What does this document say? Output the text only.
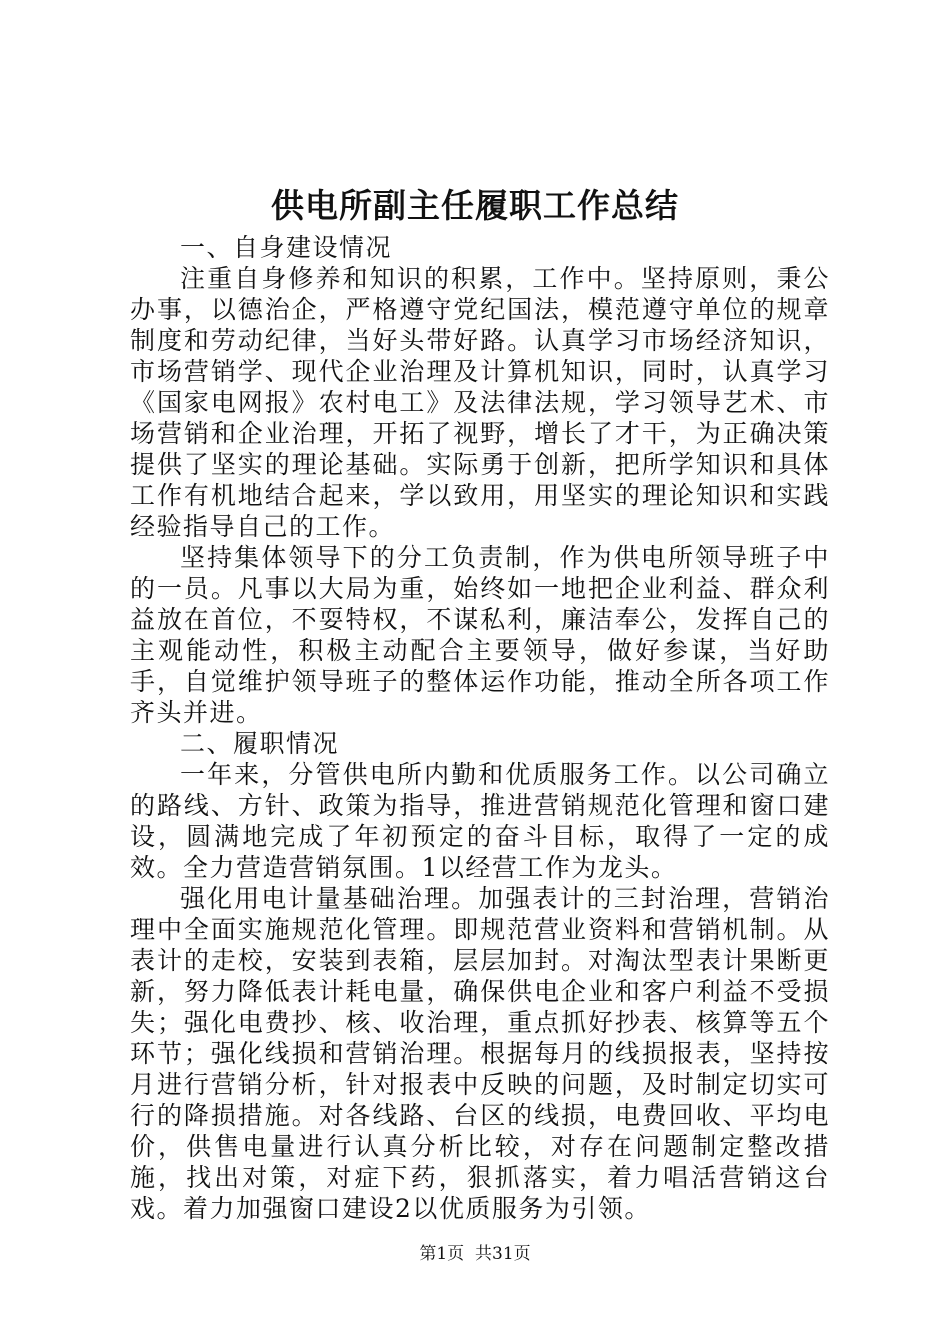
供电所副主任履职工作总结

一、自身建设情况

注重自身修养和知识的积累，工作中。坚持原则，秉公办事，以德治企，严格遵守党纪国法，模范遵守单位的规章制度和劳动纪律，当好头带好路。认真学习市场经济知识，市场营销学、现代企业治理及计算机知识，同时，认真学习《国家电网报》农村电工》及法律法规，学习领导艺术、市场营销和企业治理，开拓了视野，增长了才干，为正确决策提供了坚实的理论基础。实际勇于创新，把所学知识和具体工作有机地结合起来，学以致用，用坚实的理论知识和实践经验指导自己的工作。

坚持集体领导下的分工负责制，作为供电所领导班子中的一员。凡事以大局为重，始终如一地把企业利益、群众利益放在首位，不耍特权，不谋私利，廉洁奉公，发挥自己的主观能动性，积极主动配合主要领导，做好参谋，当好助手，自觉维护领导班子的整体运作功能，推动全所各项工作齐头并进。

二、履职情况

一年来，分管供电所内勤和优质服务工作。以公司确立的路线、方针、政策为指导，推进营销规范化管理和窗口建设，圆满地完成了年初预定的奋斗目标，取得了一定的成效。全力营造营销氛围。1以经营工作为龙头。

强化用电计量基础治理。加强表计的三封治理，营销治理中全面实施规范化管理。即规范营业资料和营销机制。从表计的走校，安装到表箱，层层加封。对淘汰型表计果断更新，努力降低表计耗电量，确保供电企业和客户利益不受损失；强化电费抄、核、收治理，重点抓好抄表、核算等五个环节；强化线损和营销治理。根据每月的线损报表，坚持按月进行营销分析，针对报表中反映的问题，及时制定切实可行的降损措施。对各线路、台区的线损，电费回收、平均电价，供售电量进行认真分析比较，对存在问题制定整改措施，找出对策，对症下药，狠抓落实，着力唱活营销这台戏。着力加强窗口建设2以优质服务为引领。

第1页 共31页
